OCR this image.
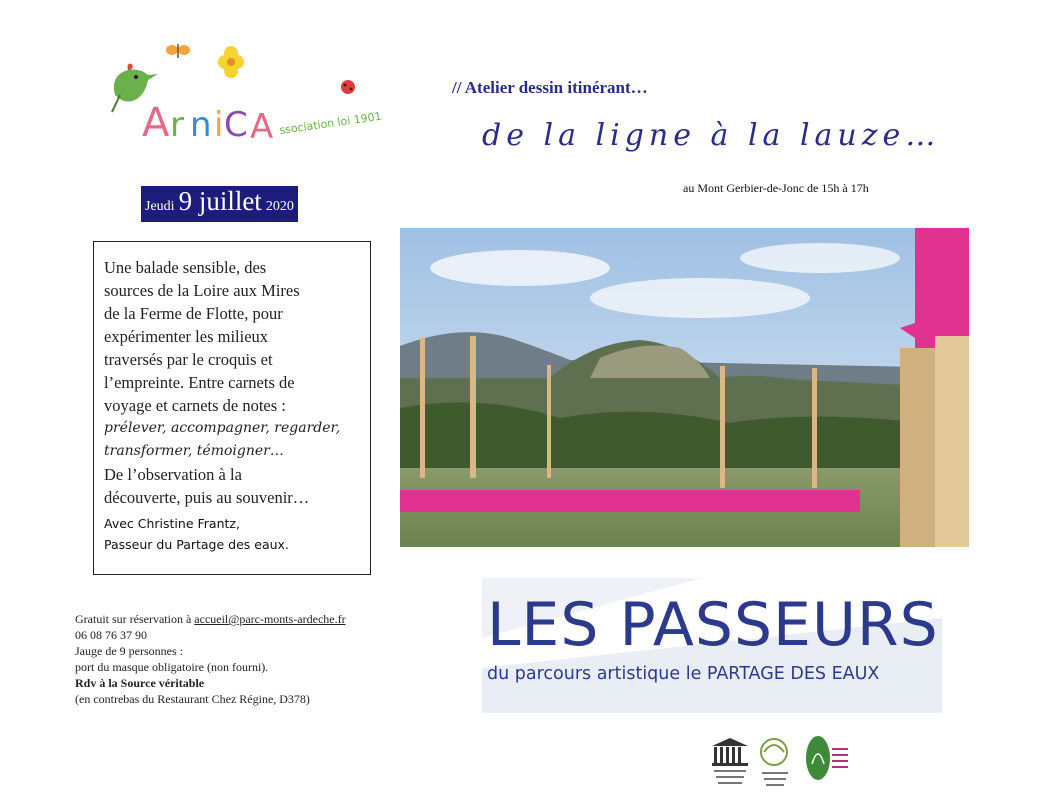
A r n i C A ssociation loi 1901
// Atelier dessin itinérant…
de la ligne à la lauze…
au Mont Gerbier-de-Jonc de 15h à 17h
Jeudi 9 juillet 2020
Une balade sensible, des
sources de la Loire aux Mires
de la Ferme de Flotte, pour
expérimenter les milieux
traversés par le croquis et
l’empreinte. Entre carnets de
voyage et carnets de notes :
prélever, accompagner, regarder,
transformer, témoigner…
De l’observation à la
découverte, puis au souvenir…
Avec Christine Frantz,
Passeur du Partage des eaux.
Gratuit sur réservation à accueil@parc-monts-ardeche.fr
06 08 76 37 90
Jauge de 9 personnes :
port du masque obligatoire (non fourni).
Rdv à la Source véritable
(en contrebas du Restaurant Chez Régine, D378)
LES PASSEURS
du parcours artistique le PARTAGE DES EAUX
